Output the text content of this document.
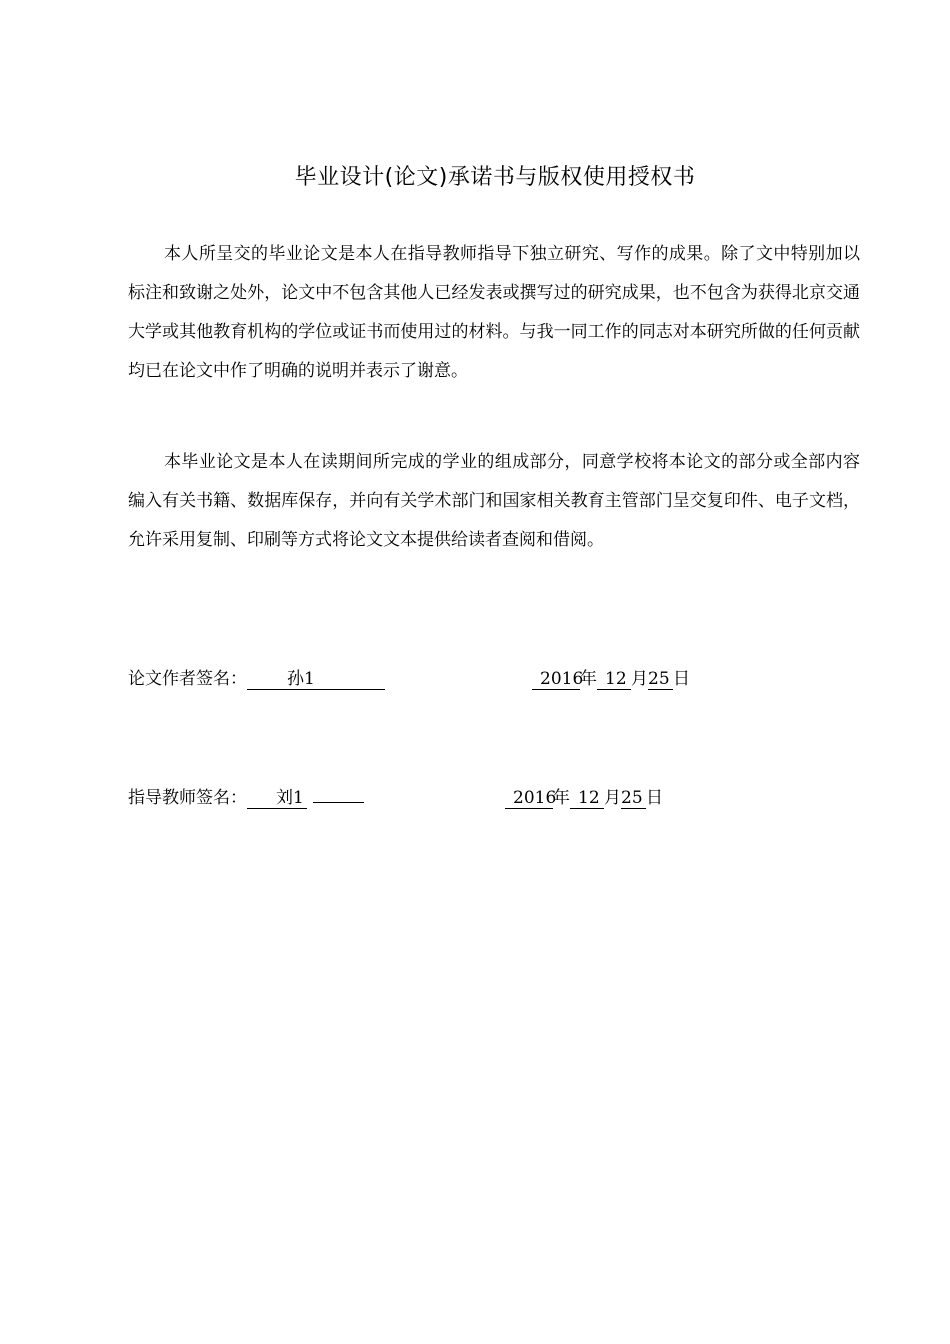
毕业设计(论文)承诺书与版权使用授权书

本人所呈交的毕业论文是本人在指导教师指导下独立研究、写作的成果。除了文中特别加以标注和致谢之处外，论文中不包含其他人已经发表或撰写过的研究成果，也不包含为获得北京交通大学或其他教育机构的学位或证书而使用过的材料。与我一同工作的同志对本研究所做的任何贡献均已在论文中作了明确的说明并表示了谢意。

本毕业论文是本人在读期间所完成的学业的组成部分，同意学校将本论文的部分或全部内容编入有关书籍、数据库保存，并向有关学术部门和国家相关教育主管部门呈交复印件、电子文档，允许采用复制、印刷等方式将论文文本提供给读者查阅和借阅。

论文作者签名： 孙1	2016年 12 月25 日
指导教师签名： 刘1	2016年 12 月25 日
